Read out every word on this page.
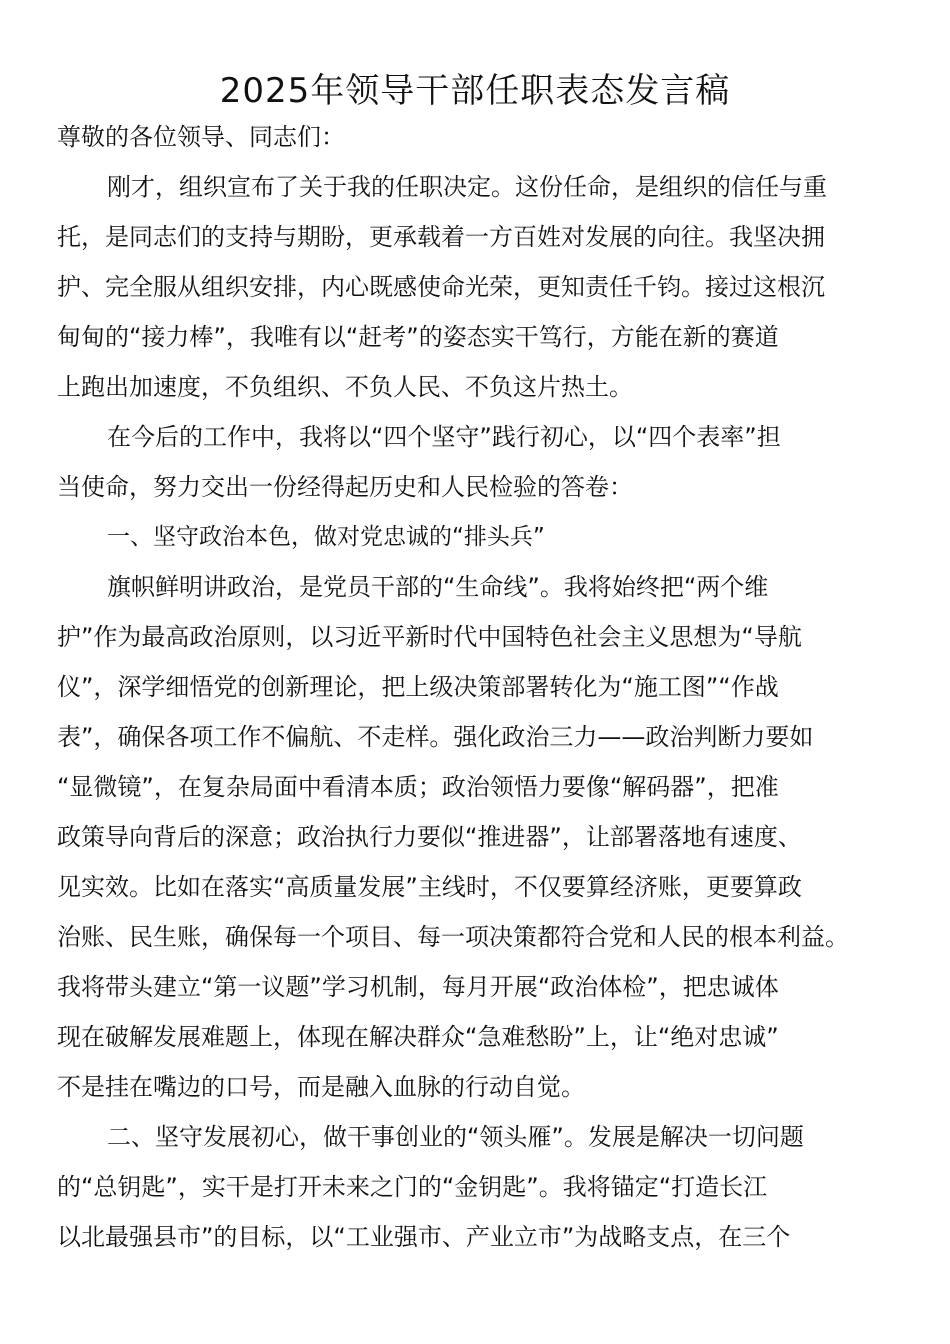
2025年领导干部任职表态发言稿
尊敬的各位领导、同志们：
刚才，组织宣布了关于我的任职决定。这份任命，是组织的信任与重
托，是同志们的支持与期盼，更承载着一方百姓对发展的向往。我坚决拥
护、完全服从组织安排，内心既感使命光荣，更知责任千钧。接过这根沉
甸甸的“接力棒”，我唯有以“赶考”的姿态实干笃行，方能在新的赛道
上跑出加速度，不负组织、不负人民、不负这片热土。
在今后的工作中，我将以“四个坚守”践行初心，以“四个表率”担
当使命，努力交出一份经得起历史和人民检验的答卷：
一、坚守政治本色，做对党忠诚的“排头兵”
旗帜鲜明讲政治，是党员干部的“生命线”。我将始终把“两个维
护”作为最高政治原则，以习近平新时代中国特色社会主义思想为“导航
仪”，深学细悟党的创新理论，把上级决策部署转化为“施工图”“作战
表”，确保各项工作不偏航、不走样。强化政治三力——政治判断力要如
“显微镜”，在复杂局面中看清本质；政治领悟力要像“解码器”，把准
政策导向背后的深意；政治执行力要似“推进器”，让部署落地有速度、
见实效。比如在落实“高质量发展”主线时，不仅要算经济账，更要算政
治账、民生账，确保每一个项目、每一项决策都符合党和人民的根本利益。
我将带头建立“第一议题”学习机制，每月开展“政治体检”，把忠诚体
现在破解发展难题上，体现在解决群众“急难愁盼”上，让“绝对忠诚”
不是挂在嘴边的口号，而是融入血脉的行动自觉。
二、坚守发展初心，做干事创业的“领头雁”。发展是解决一切问题
的“总钥匙”，实干是打开未来之门的“金钥匙”。我将锚定“打造长江
以北最强县市”的目标，以“工业强市、产业立市”为战略支点，在三个
